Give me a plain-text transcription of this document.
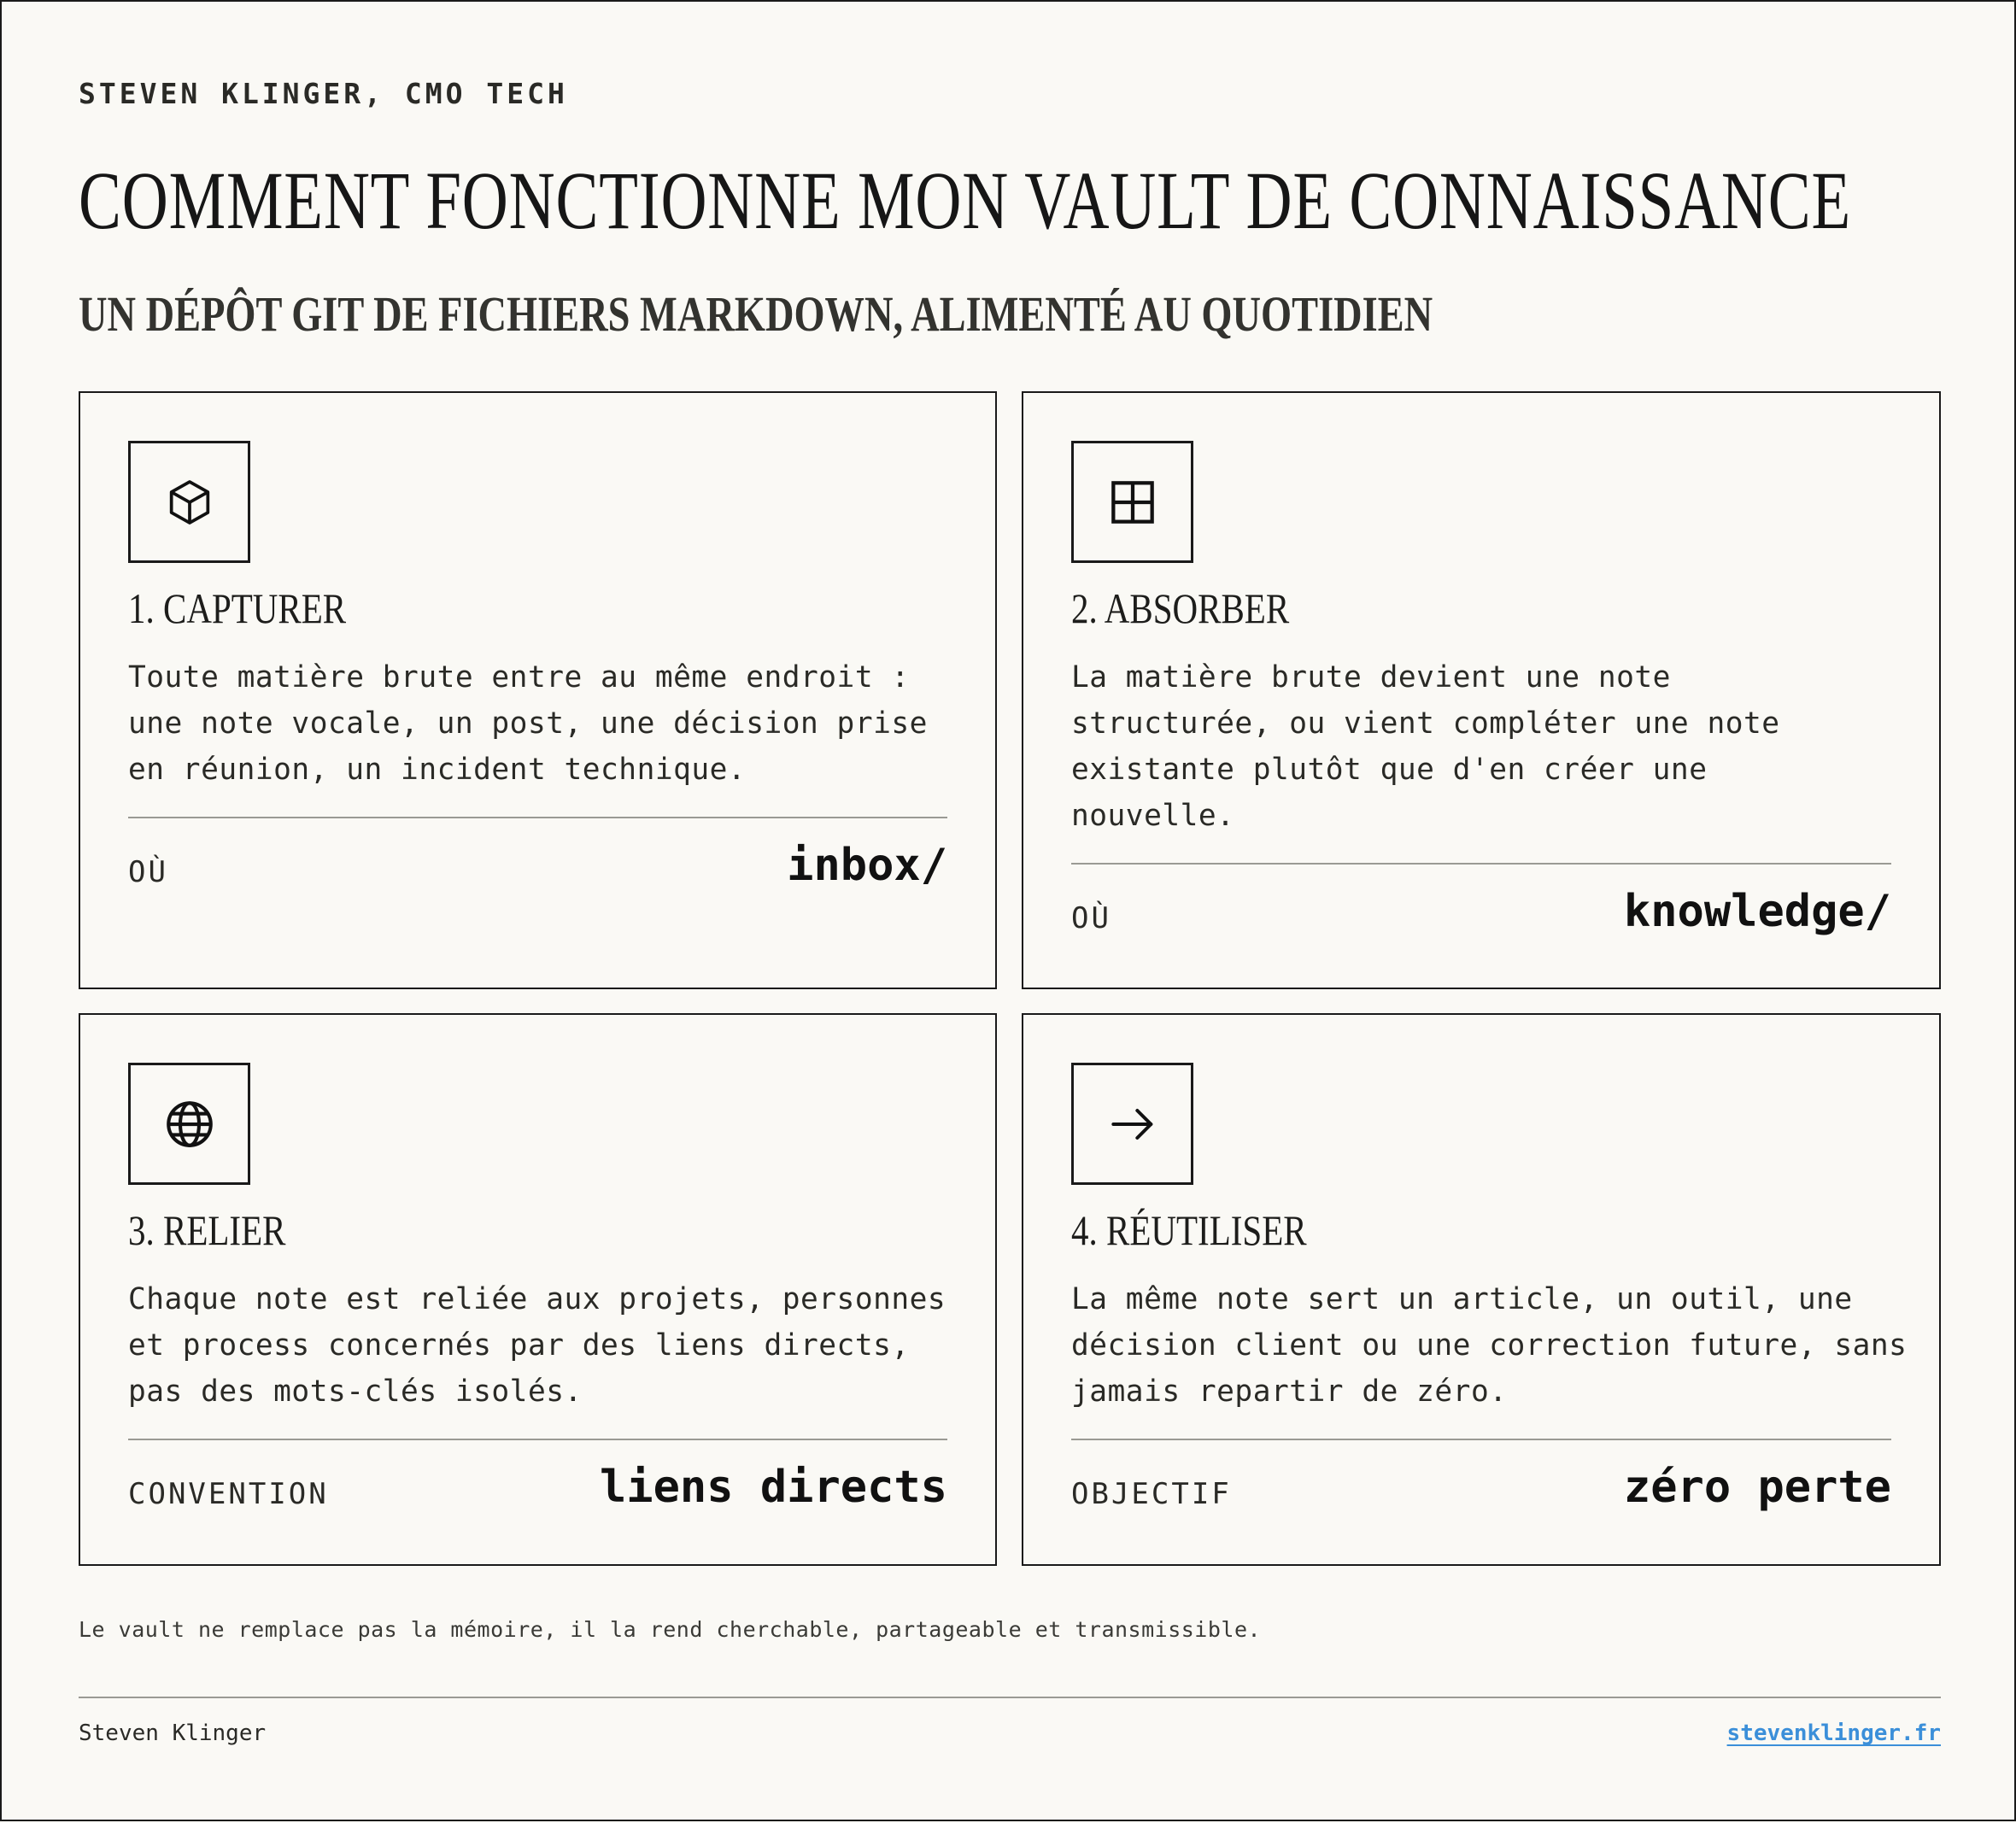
STEVEN KLINGER, CMO TECH
COMMENT FONCTIONNE MON VAULT DE CONNAISSANCE
UN DÉPÔT GIT DE FICHIERS MARKDOWN, ALIMENTÉ AU QUOTIDIEN
1. CAPTURER
Toute matière brute entre au même endroit : une note vocale, un post, une décision prise en réunion, un incident technique.
OÙ	inbox/
2. ABSORBER
La matière brute devient une note structurée, ou vient compléter une note existante plutôt que d'en créer une nouvelle.
OÙ	knowledge/
3. RELIER
Chaque note est reliée aux projets, personnes et process concernés par des liens directs, pas des mots-clés isolés.
CONVENTION	liens directs
4. RÉUTILISER
La même note sert un article, un outil, une décision client ou une correction future, sans jamais repartir de zéro.
OBJECTIF	zéro perte
Le vault ne remplace pas la mémoire, il la rend cherchable, partageable et transmissible.
Steven Klinger	stevenklinger.fr
